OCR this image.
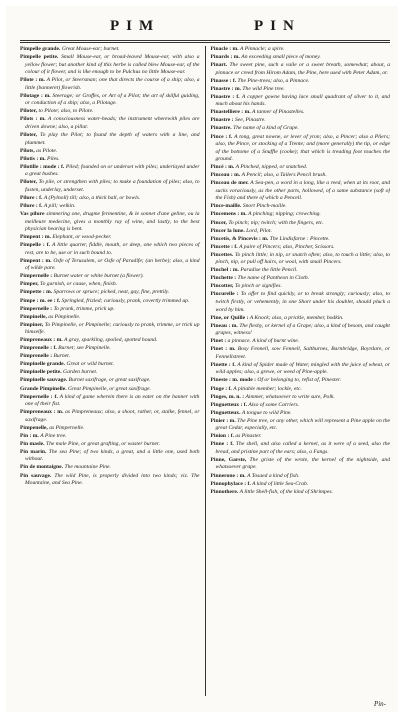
PIM	PIN

Pimpelle grande. Great Mouse-ear; burnet.

Pimpelle petite. Small Mouse-ear, or broad-leaved Mouse-ear, with also a yellow flower; but another kind of this herbe is called blew Mouse-ear, of the colour of it flower, and is like enough to be Pulchus no little Mouse-ear.

Pilote : m. A Pilot, or Steersman; one that directs the course of a ship; also, a little (banneret) flowrish.

Pilotage : m. Steerage; or Groffes, or Art of a Pilot; the art of skilful guiding, or conduction of a ship; also, a Pilotage.

Piloter, to Pilote; also, to Pilote.

Pilots : m. A consciousness water-heads; the instrument wherewith piles are driven downe; also, a pillar.

Piloter, To play the Pilot; to found the depth of waters with a line, and plummet.

Pilots, as Pilote.

Pilotis : m. Piles.

Pilotille : mode : f. Piled; founded on or underset with piles; underlayed under a great bushes.

Piloter, To pile, or strengthen with piles; to make a foundation of piles; also, to fasten, underlay, underset.

Pilure : f. A (Pylnoll) till; also, a thick ball, or bowls.

Pilure : f. A pill; welkin.

Vas pilure simmering one, drugme fermentine, & le sonnet d'une geline, ou la meilleure medecine, gives a monthly ray of wine, and lastly, to the best physician hearing is bent.

Pimpent : m. Elephant, or wood-pecker.

Pimpelle : f. A little quarter, fiddle, mouth, or deep, one which two pieces of rest, are to be, use or in such bound to.

Pimpent : m. Osfe of Terusalem, or Osfe of Paradife; (an herbe); also, a kind of wilde pare.

Pimpernelle : Burnet water or white burnet (a flower).

Pimper, To garnish, or cause, when, finish.

Pimpette : m. Sparrows or spruce; picked, neat, gay, fine, prettily.

Pimpe : m. ee : f. Springled, frizled; curiously, prank, covertly trimmed up.

Pimpernelle : To prank, trimme, prick up.

Pimpinelle, as Pimpinelle.

Pimpiner, To Pimpinelle, or Pimpinelle; curiously to prank, trimme, or trick up himselfe.

Pimpreneaux : m. A gray, sparkling, spoiled, spotted hound.

Pimprenelle : f. Burnet; see Pimpinelle.

Pimprenelle : Burnet.

Pimpinelle grande. Great or wild burnet.

Pimpinelle petite. Garden burnet.

Pimpinelle sauvage. Burnet saxifrage, or great saxifrage.

Grande Pimpinelle. Great Pimpinelle, or great saxifrage.

Pimpernelle : f. A kind of game wherein there is an eater on the banner with one of their fist.

Pimpreneaux : m. as Pimpreneaux; also, a shoot, rather, or, stalke, fennel, or saxifrage.

Pimpenelle, as Pimpernelle.

Pin : m. A Pine tree.

Pin masle. The male Pine, or great grafting, or waster burner.

Pin marin. The sea Pine; of two kinds, a great, and a little one, used both without.

Pin de montaigne. The mountaine Pine.

Pin sauvage. The wild Pine, is properly divided into two kinds; viz. The Mountaine, and Sea Pine.

Pinacle : m. A Pinnacle; a spire.

Pinards : m. An exceeding small piece of money.

Pinart. The sweet pine, such a vaile or a sweet breath, somewhat; about, a pinnace or creed from Hirom Adam, the Pine, here used with Peter Adam, or.

Pinasse : f. The Pine-trees; also, a Pinnace.

Pinastre : m. The wild Pine tree.

Pinastre : f. A copper gowne having lace small quadrant of silver to it, and much about his hands.

Pinastelliere : m. A tanner of Pinastelles.

Pinastre : See, Pinastre.

Pinastre. The name of a kind of Grape.

Pince : f. A tong, great nowne, or lever of yron; also, a Pincer; also a Pliers; also, the Pince, or stocking of a Trente; and (more generally) the tip, or edge of the bottome of a Snuffle (cooke); that which is treading foot touches the ground.

Pincé : m. A Pinched, nipped, or snatched.

Pinceau : m. A Pencil; also, a Tailers Pencil brush.

Pinceau de mer. A Sea-pen, a word in a long, like a reed, when at its root, and sucks voraciously, as the other parts, hollowed, of a same substance (soft of the Fish) and there of which a Pencell.

Pince-maille. Snort Pinch-maille.

Pincemens : m. A pinching; nipping; crowching.

Pincer, To pinch; nip; twitch; with the fingers, etc.

Pincer la lune. Lord, Pilot.

Pincetis, & Pincevis : m. The Lindisfarne : Pincette.

Pincette : f. A paire of Pincers; also, Pincher, Scissors.

Pincettes. To pinch little; in nip, or snatch often; also, to touch a little; also, to pinch, nip, or pull off hairs, or wool, with small Pincers.

Pinchel : m. Paradise the little Pencil.

Pinchette : The name of Pantheon in Cloth.

Pincotter, To pinch or signifies.

Pincurelle : To offer to find quickly, or to break strongly; curiously; also, to twitch firstly, or vehemently, in one Short under his doublet, should pluck a word by him.

Pine, or Quille : A Knock; also, a prickle, member, bodkin.

Pineau : m. The fleshy, or kernel of a Grape; also, a kind of besom, and caught grapes, witness!

Pinet : a pinnace. A kind of burnt wine.

Pinet : m. Bosy Fennell, sow Fennell, Saltburnes, Barnbridge, Boyrdare, or Fennellstreet.

Pinette : f. A kind of Spider made of Water, mingled with the juice of wheat, or wild apples; also, a grewe, or weed of Pine-apple.

Pineste : m. mode : Of or belonging to, refist of, Pinester.

Pinge : f. A pitiable member; lockle, etc.

Pinges, m. n. : Aimmer, whatsoever to write sure, Polk.

Pinguetteux : f. Also of some Carriers.

Pinguetteux. A tongue to wild Pine.

Pinier : m. The Pine tree, or any other, which will represent a Pine apple on the great Cedar, especially, etc.

Pinion : f. as Pinaster.

Pinne : f. The shell, and also called a kernel, as it were of a seed, also the bread, and pristine part of the ears; also, a Fangs.

Pinne, Garste, The griste of the wrote, the kernel of the nightside, and whatsoever grape.

Pinnerone : m. A Tosaed a kind of fish.

Pinnophylace : f. A kind of little Sea-Crab.

Pinnothere. A little Shell-fish, of the kind of Shrimpes.

Pin-
